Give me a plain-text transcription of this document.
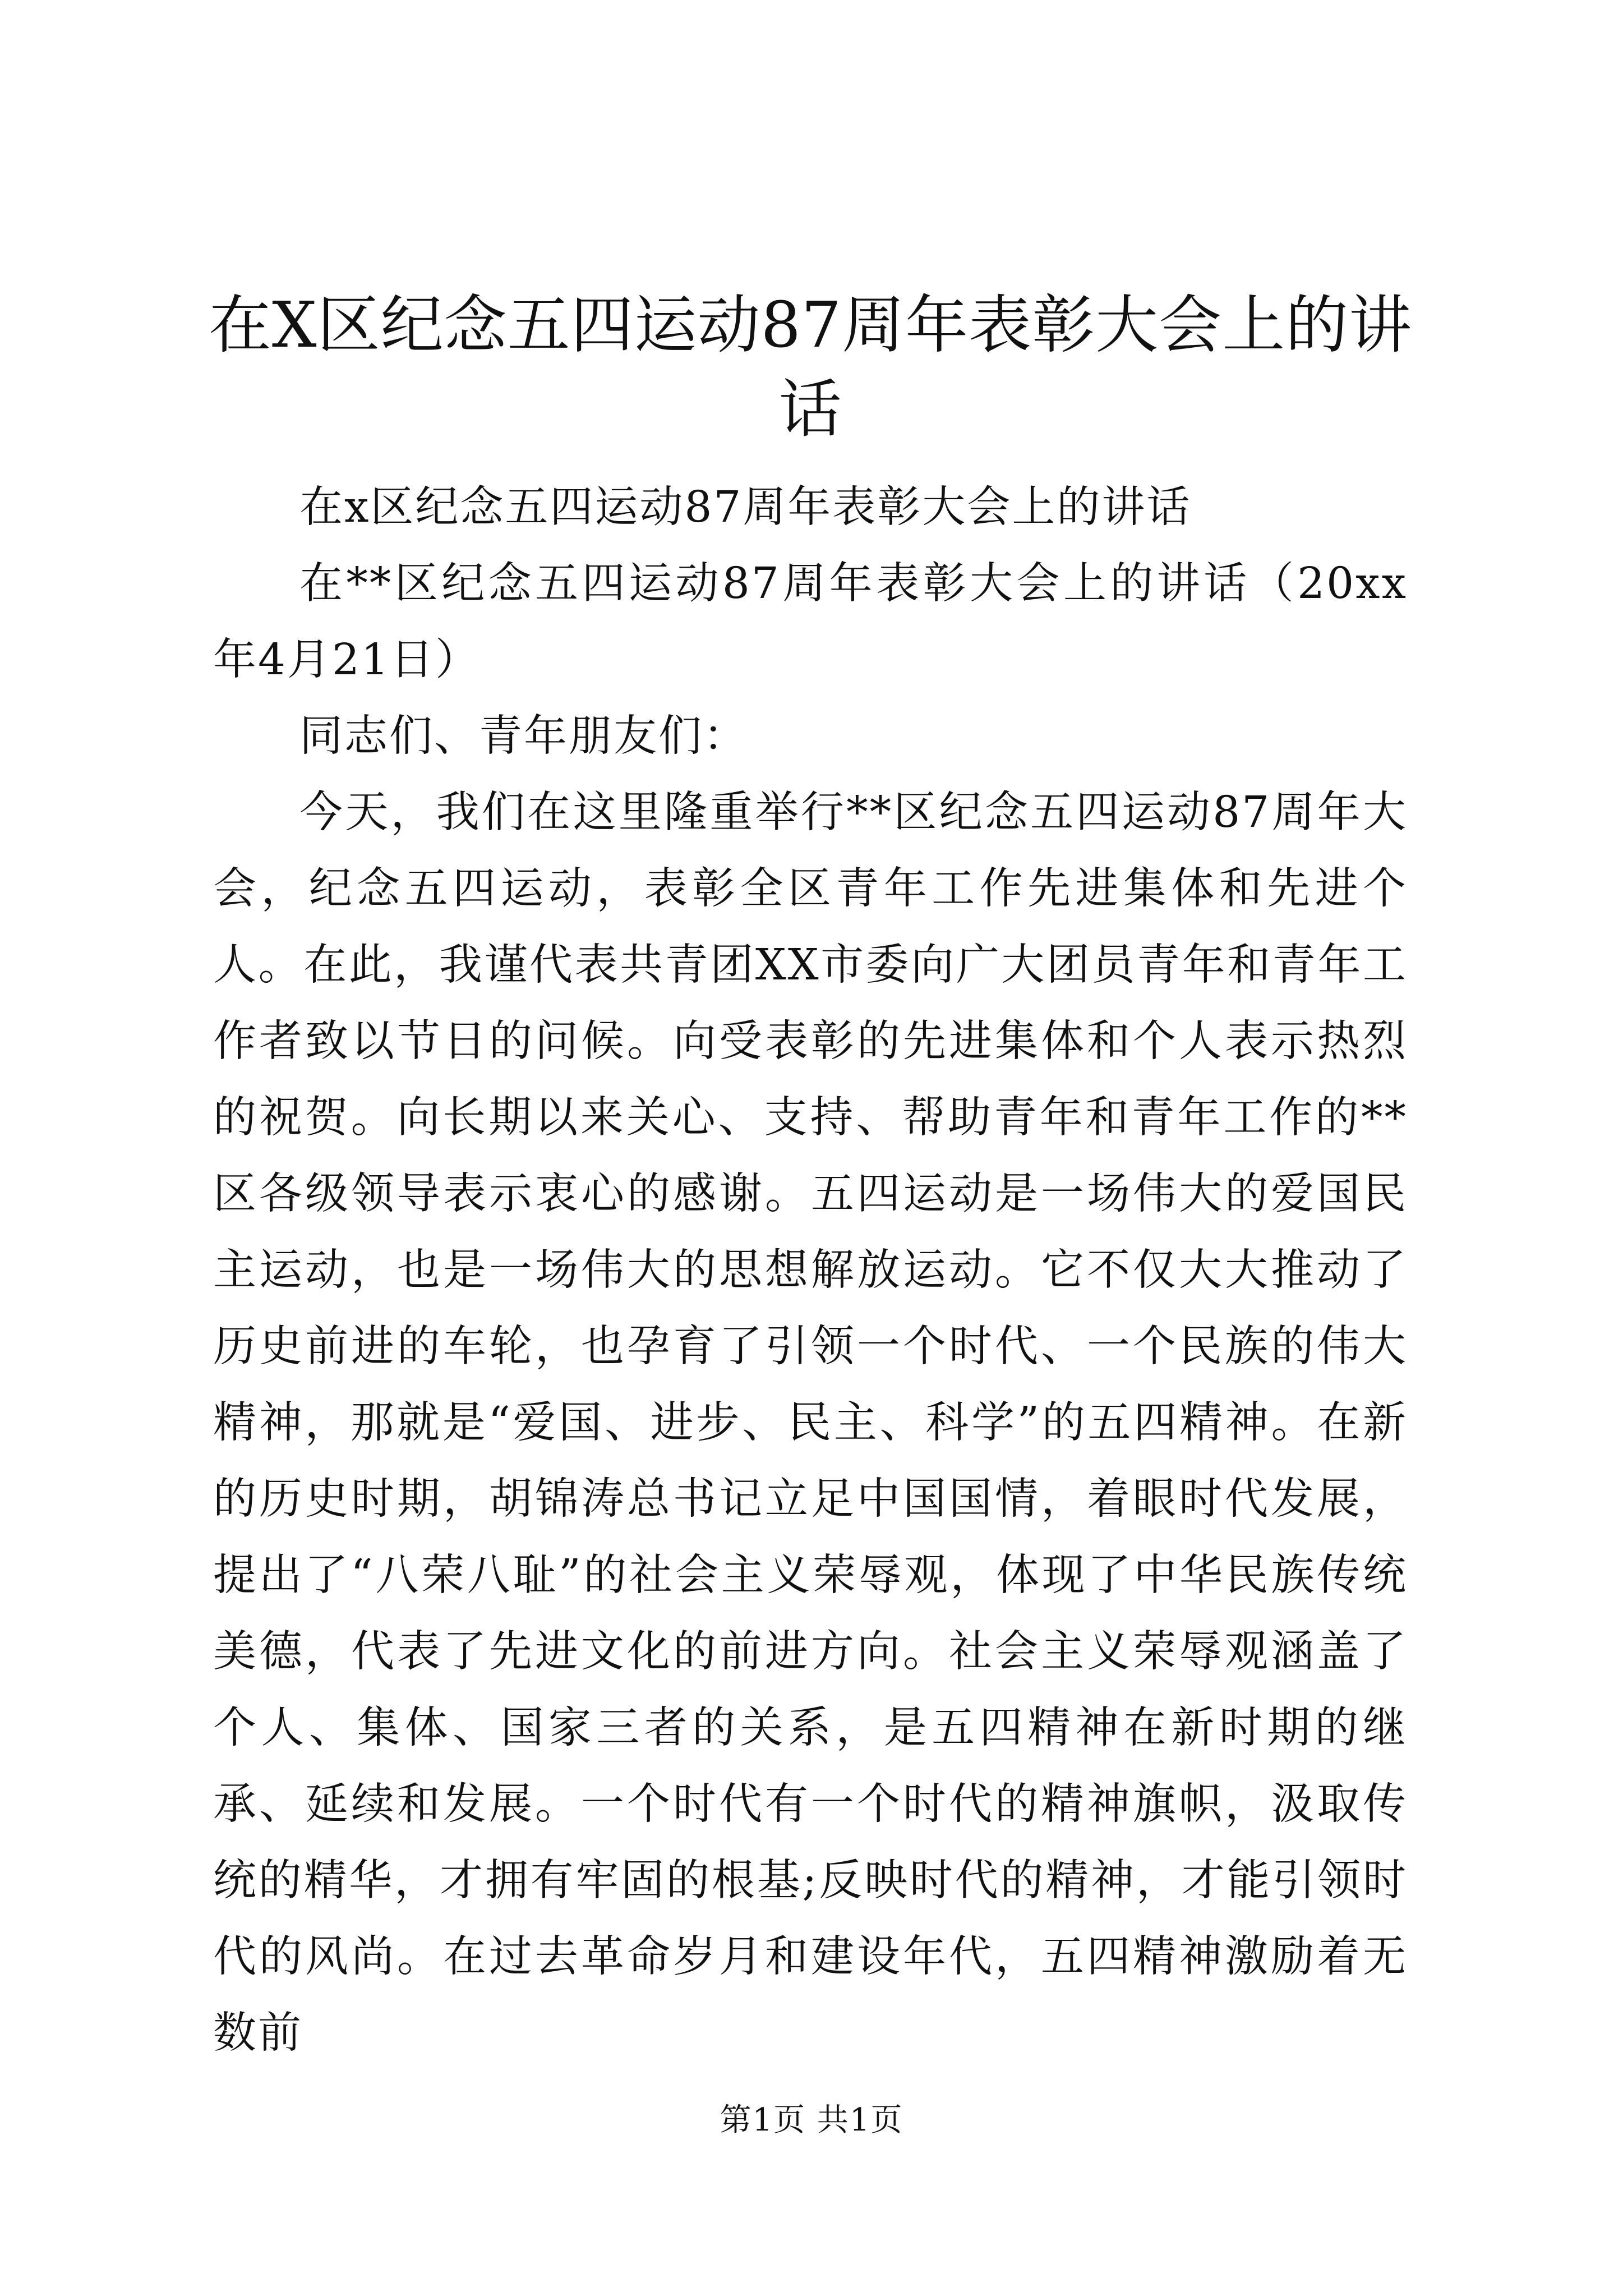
在X区纪念五四运动87周年表彰大会上的讲话

在x区纪念五四运动87周年表彰大会上的讲话

在**区纪念五四运动87周年表彰大会上的讲话（20xx年4月21日）

同志们、青年朋友们：

今天，我们在这里隆重举行**区纪念五四运动87周年大会，纪念五四运动，表彰全区青年工作先进集体和先进个人。在此，我谨代表共青团XX市委向广大团员青年和青年工作者致以节日的问候。向受表彰的先进集体和个人表示热烈的祝贺。向长期以来关心、支持、帮助青年和青年工作的**区各级领导表示衷心的感谢。五四运动是一场伟大的爱国民主运动，也是一场伟大的思想解放运动。它不仅大大推动了历史前进的车轮，也孕育了引领一个时代、一个民族的伟大精神，那就是“爱国、进步、民主、科学”的五四精神。在新的历史时期，胡锦涛总书记立足中国国情，着眼时代发展，提出了“八荣八耻”的社会主义荣辱观，体现了中华民族传统美德，代表了先进文化的前进方向。社会主义荣辱观涵盖了个人、集体、国家三者的关系，是五四精神在新时期的继承、延续和发展。一个时代有一个时代的精神旗帜，汲取传统的精华，才拥有牢固的根基;反映时代的精神，才能引领时代的风尚。在过去革命岁月和建设年代，五四精神激励着无数前

第1页 共1页
